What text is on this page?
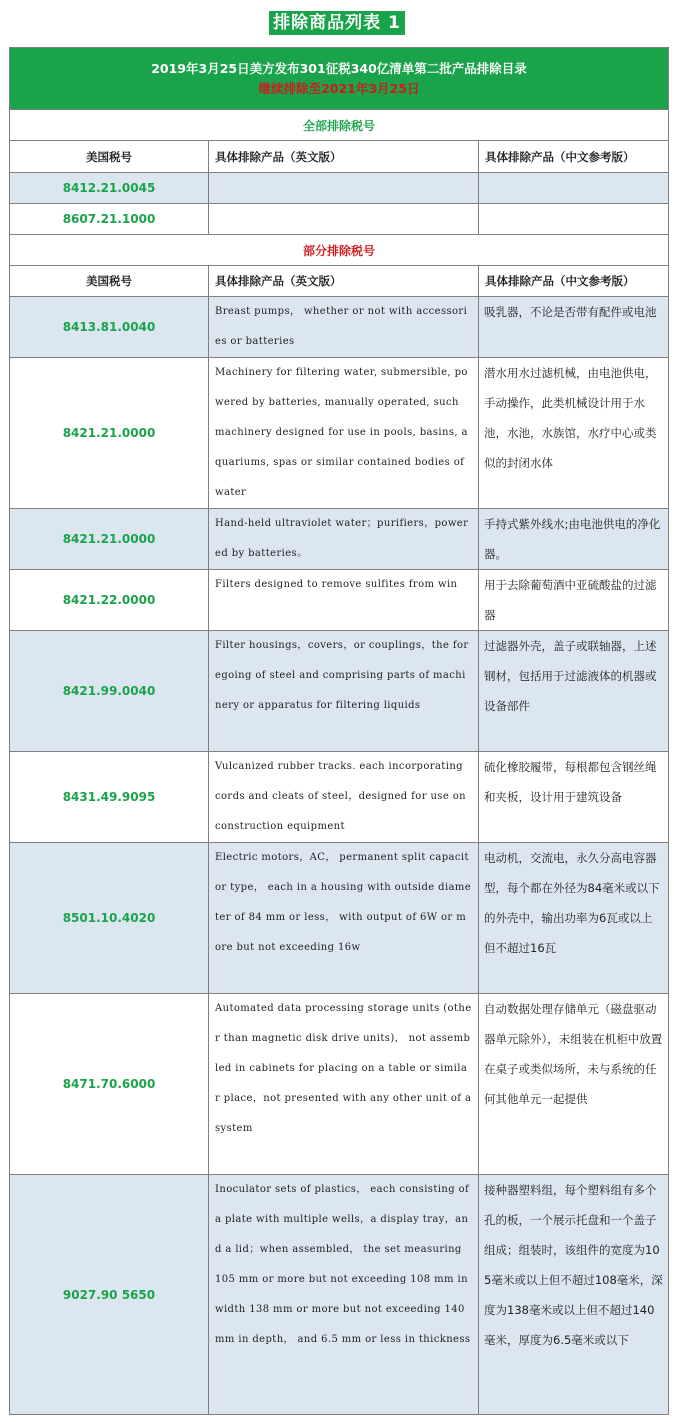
排除商品列表 1
2019年3月25日美方发布301征税340亿清单第二批产品排除目录
继续排除至2021年3月25日		

全部排除税号		
美国税号	具体排除产品（英文版）	具体排除产品（中文参考版）
8412.21.0045		
8607.21.1000		
部分排除税号		
美国税号	具体排除产品（英文版）	具体排除产品（中文参考版）
8413.81.0040	Breast pumps， whether or not with accessories or batteries	吸乳器，不论是否带有配件或电池
8421.21.0000	Machinery for filtering water, submersible, powered by batteries, manually operated, such machinery designed for use in pools, basins, aquariums, spas or similar contained bodies of water	潜水用水过滤机械，由电池供电，手动操作，此类机械设计用于水池，水池，水族馆，水疗中心或类似的封闭水体
8421.21.0000	Hand-held ultraviolet water；purifiers，powered by batteries。	手持式紫外线水;由电池供电的净化器。
8421.22.0000	Filters designed to remove sulfites from win	用于去除葡萄酒中亚硫酸盐的过滤器
8421.99.0040	Filter housings，covers，or couplings，the foregoing of steel and comprising parts of machinery or apparatus for filtering liquids	过滤器外壳，盖子或联轴器，上述钢材，包括用于过滤液体的机器或设备部件
8431.49.9095	Vulcanized rubber tracks. each incorporating cords and cleats of steel，designed for use on construction equipment	硫化橡胶履带，每根都包含钢丝绳和夹板，设计用于建筑设备
8501.10.4020	Electric motors，AC， permanent split capacitor type， each in a housing with outside diameter of 84 mm or less， with output of 6W or more but not exceeding 16w	电动机，交流电，永久分高电容器型，每个都在外径为84毫米或以下的外壳中，输出功率为6瓦或以上但不超过16瓦
8471.70.6000	Automated data processing storage units (other than magnetic disk drive units)， not assembled in cabinets for placing on a table or similar place，not presented with any other unit of a system	自动数据处理存储单元（磁盘驱动器单元除外），未组装在机柜中放置在桌子或类似场所，未与系统的任何其他单元一起提供
9027.90 5650	Inoculator sets of plastics， each consisting of a plate with multiple wells，a display tray，and a lid；when assembled， the set measuring 105 mm or more but not exceeding 108 mm in width 138 mm or more but not exceeding 140 mm in depth， and 6.5 mm or less in thickness	接种器塑料组，每个塑料组有多个孔的板，一个展示托盘和一个盖子组成；组装时，该组件的宽度为105毫米或以上但不超过108毫米，深度为138毫米或以上但不超过140毫米，厚度为6.5毫米或以下
